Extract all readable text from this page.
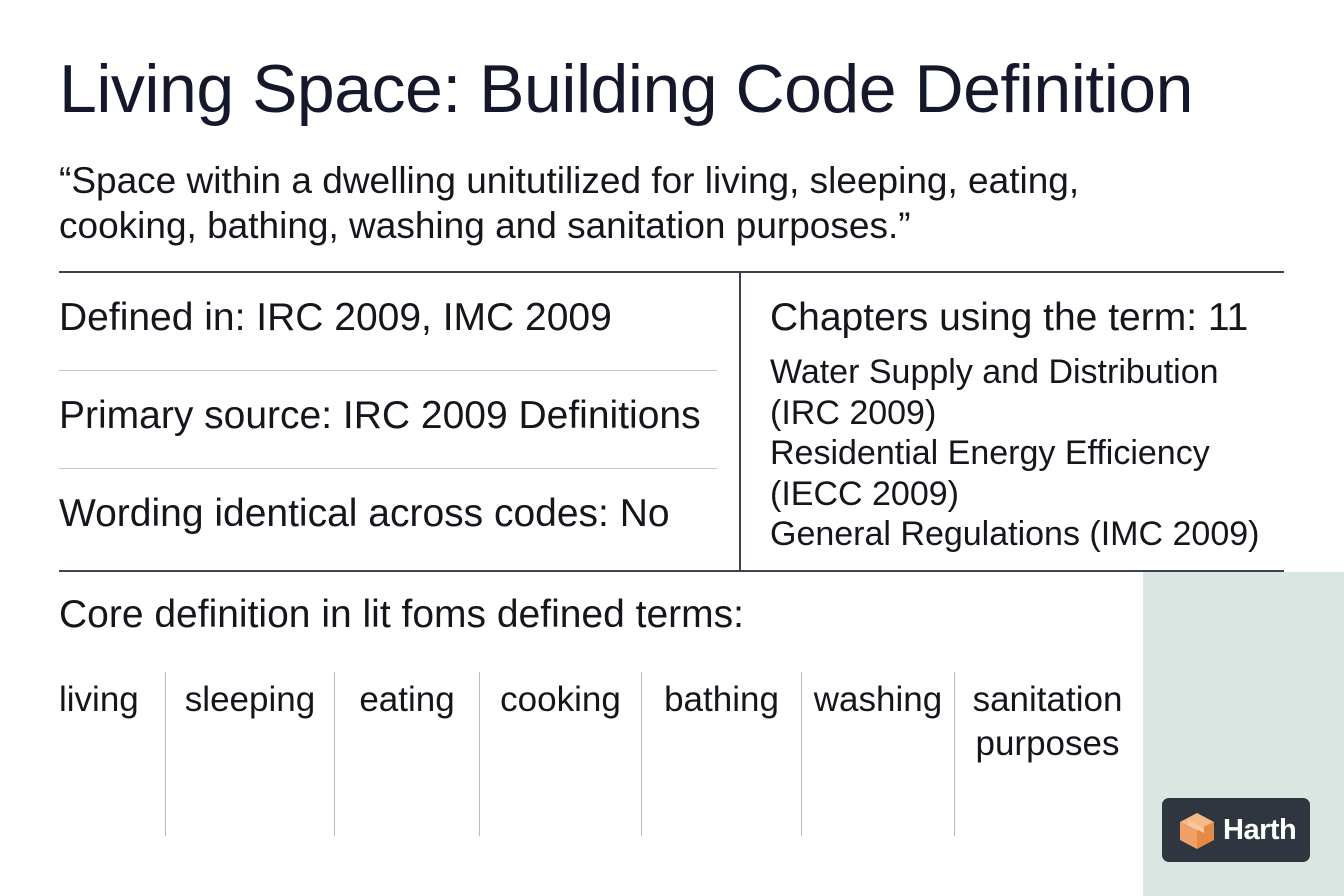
Living Space: Building Code Definition
“Space within a dwelling unitutilized for living, sleeping, eating, cooking, bathing, washing and sanitation purposes.”
Defined in: IRC 2009, IMC 2009
Primary source: IRC 2009 Definitions
Wording identical across codes: No
Chapters using the term: 11
Water Supply and Distribution (IRC 2009)
Residential Energy Efficiency (IECC 2009)
General Regulations (IMC 2009)
Core definition in lit foms defined terms:
living	sleeping	eating	cooking	bathing washing sanitation purposes
Harth
